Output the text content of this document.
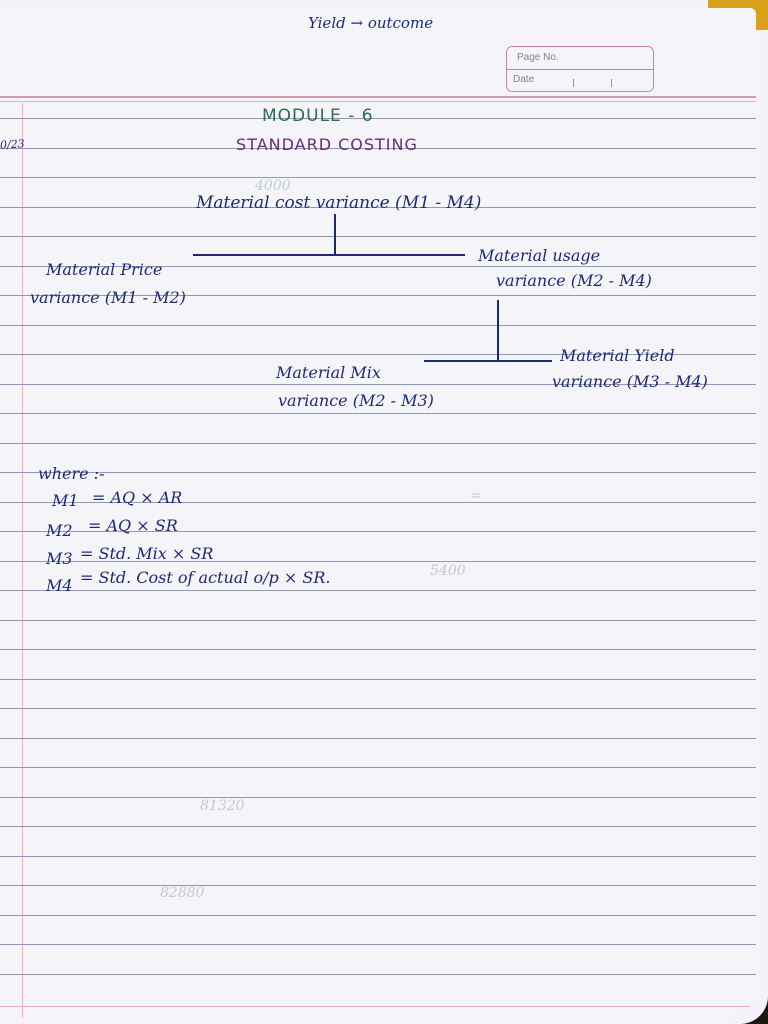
4000
=
5400
81320
82880
Yield → outcome
Page No.
Date
0/23
MODULE - 6
STANDARD COSTING
Material cost variance (M1 - M4)
Material Price
variance (M1 - M2)
Material usage
variance (M2 - M4)
Material Mix
variance (M2 - M3)
Material Yield
variance (M3 - M4)
where :-
M1 = AQ × AR
M2 = AQ × SR
M3 = Std. Mix × SR
M4 = Std. Cost of actual o/p × SR.
